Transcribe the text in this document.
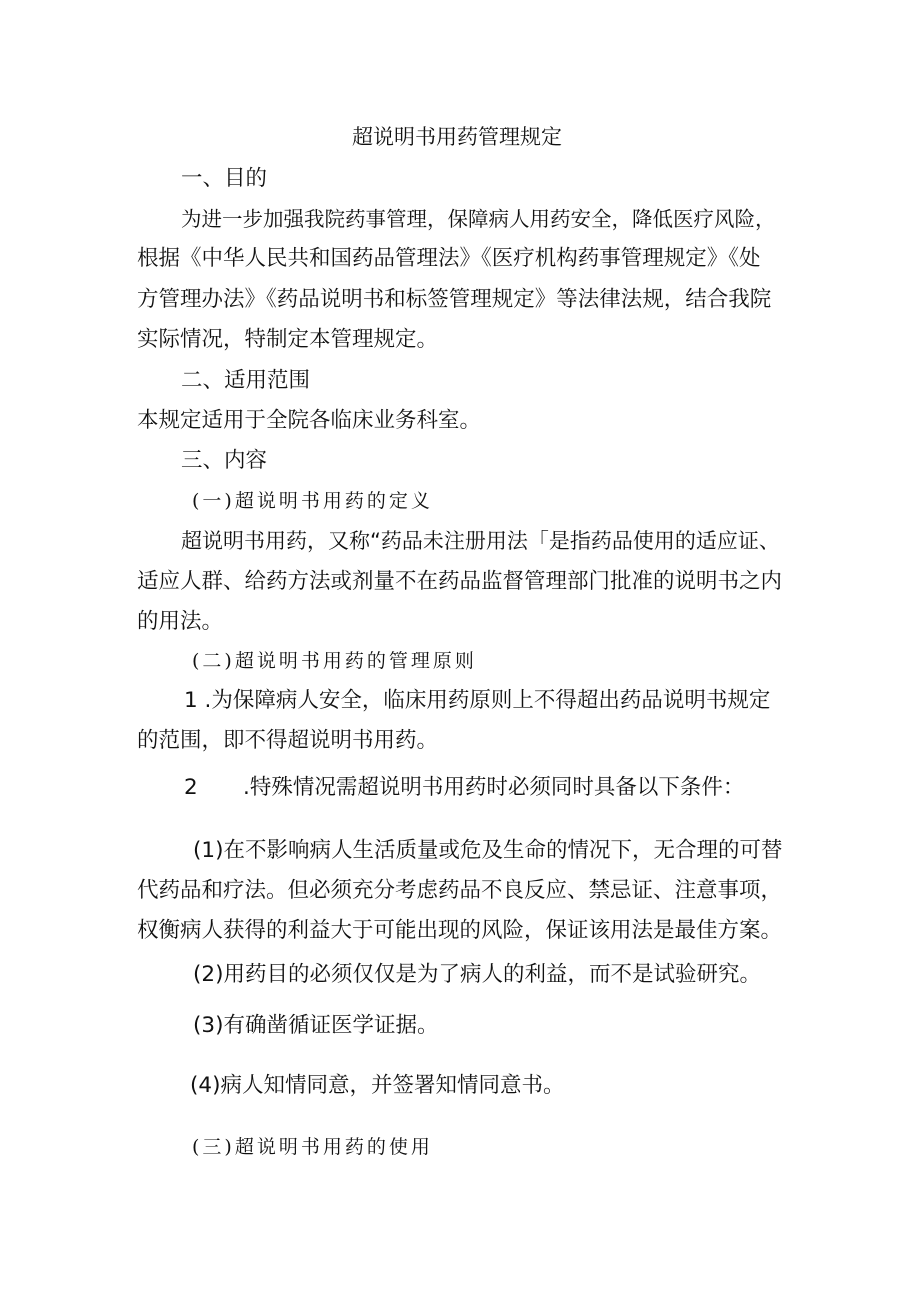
超说明书用药管理规定
一、目的
为进一步加强我院药事管理，保障病人用药安全，降低医疗风险，
根据《中华人民共和国药品管理法》《医疗机构药事管理规定》《处
方管理办法》《药品说明书和标签管理规定》等法律法规，结合我院
实际情况，特制定本管理规定。
二、适用范围
本规定适用于全院各临床业务科室。
三、内容
(一)超说明书用药的定义
超说明书用药，又称“药品未注册用法「是指药品使用的适应证、
适应人群、给药方法或剂量不在药品监督管理部门批准的说明书之内
的用法。
(二)超说明书用药的管理原则
1 .为保障病人安全，临床用药原则上不得超出药品说明书规定
的范围，即不得超说明书用药。
2 .特殊情况需超说明书用药时必须同时具备以下条件：
(1)在不影响病人生活质量或危及生命的情况下，无合理的可替
代药品和疗法。但必须充分考虑药品不良反应、禁忌证、注意事项，
权衡病人获得的利益大于可能出现的风险，保证该用法是最佳方案。
(2)用药目的必须仅仅是为了病人的利益，而不是试验研究。
(3)有确凿循证医学证据。
(4)病人知情同意，并签署知情同意书。
(三)超说明书用药的使用
